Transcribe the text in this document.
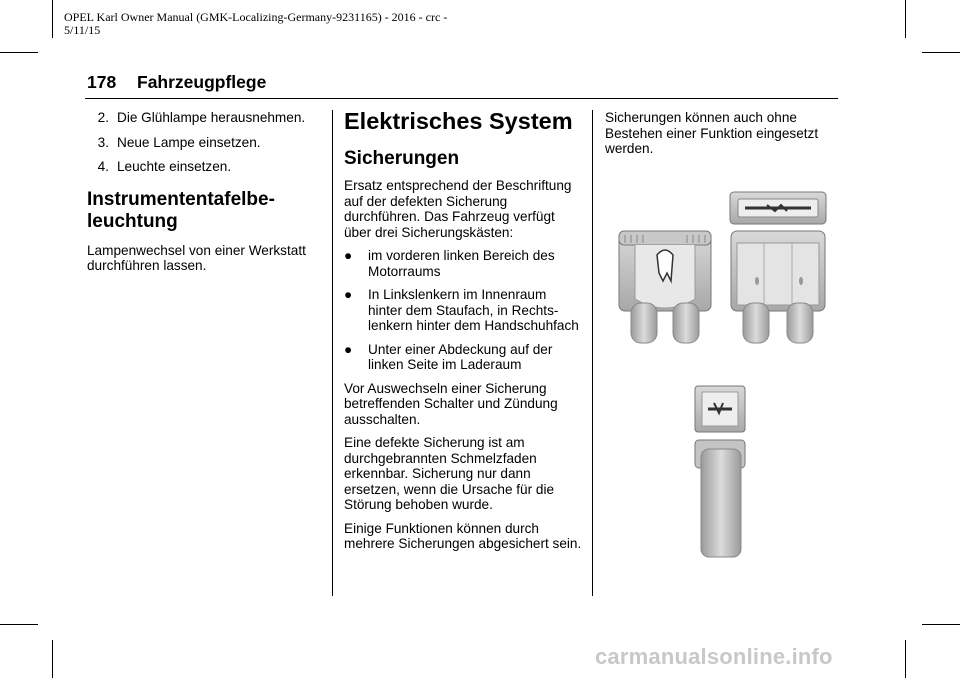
OPEL Karl Owner Manual (GMK-Localizing-Germany-9231165) - 2016 - crc -
5/11/15
178 Fahrzeugpflege
2. Die Glühlampe herausnehmen.
3. Neue Lampe einsetzen.
4. Leuchte einsetzen.
Instrumententafelbe-
leuchtung

Lampenwechsel von einer Werkstatt durchführen lassen.

Elektrisches System
Sicherungen

Ersatz entsprechend der Beschriftung auf der defekten Sicherung durchführen. Das Fahrzeug verfügt über drei Sicherungskästen:

●	im vorderen linken Bereich des Motorraums
●	In Linkslenkern im Innenraum hinter dem Staufach, in Rechtslenkern hinter dem Handschuhfach
●	Unter einer Abdeckung auf der linken Seite im Laderaum

Vor Auswechseln einer Sicherung betreffenden Schalter und Zündung ausschalten.

Eine defekte Sicherung ist am durchgebrannten Schmelzfaden erkennbar. Sicherung nur dann ersetzen, wenn die Ursache für die Störung behoben wurde.

Einige Funktionen können durch mehrere Sicherungen abgesichert sein.

Sicherungen können auch ohne Bestehen einer Funktion eingesetzt werden.

carmanualsonline.info
